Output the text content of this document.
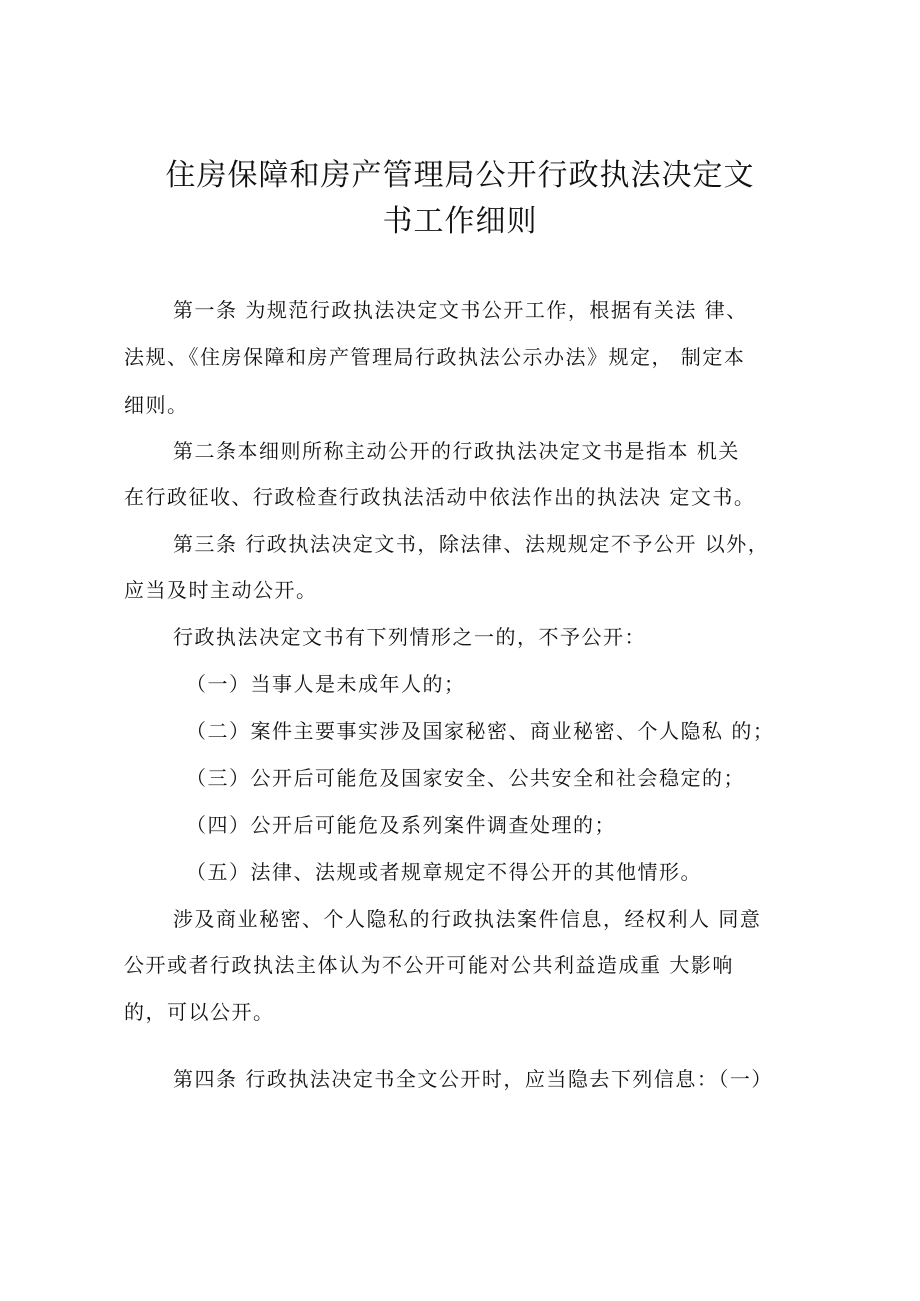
住房保障和房产管理局公开行政执法决定文
书工作细则
第一条 为规范行政执法决定文书公开工作，根据有关法 律、
法规、《住房保障和房产管理局行政执法公示办法》规定， 制定本
细则。
第二条本细则所称主动公开的行政执法决定文书是指本 机关
在行政征收、行政检查行政执法活动中依法作出的执法决 定文书。
第三条 行政执法决定文书，除法律、法规规定不予公开 以外，
应当及时主动公开。
行政执法决定文书有下列情形之一的，不予公开：
（一）当事人是未成年人的；
（二）案件主要事实涉及国家秘密、商业秘密、个人隐私 的；
（三）公开后可能危及国家安全、公共安全和社会稳定的；
（四）公开后可能危及系列案件调查处理的；
（五）法律、法规或者规章规定不得公开的其他情形。
涉及商业秘密、个人隐私的行政执法案件信息，经权利人 同意
公开或者行政执法主体认为不公开可能对公共利益造成重 大影响
的，可以公开。
第四条 行政执法决定书全文公开时，应当隐去下列信息：（一）
